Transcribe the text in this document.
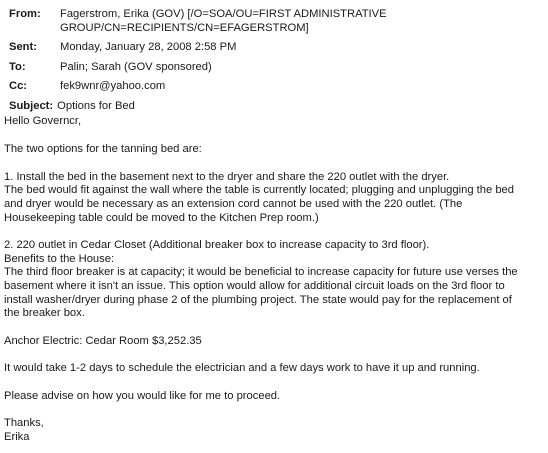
From:	Fagerstrom, Erika (GOV) [/O=SOA/OU=FIRST ADMINISTRATIVE GROUP/CN=RECIPIENTS/CN=EFAGERSTROM]
Sent:	Monday, January 28, 2008 2:58 PM
To:	Palin; Sarah (GOV sponsored)
Cc:	fek9wnr@yahoo.com
Subject: Options for Bed

Hello Governcr,

The two options for the tanning bed are:

1. Install the bed in the basement next to the dryer and share the 220 outlet with the dryer.

The bed would fit against the wall where the table is currently located; plugging and unplugging the bed

and dryer would be necessary as an extension cord cannot be used with the 220 outlet. (The

Housekeeping table could be moved to the Kitchen Prep room.)

2. 220 outlet in Cedar Closet (Additional breaker box to increase capacity to 3rd floor).

Benefits to the House:

The third floor breaker is at capacity; it would be beneficial to increase capacity for future use verses the

basement where it isn't an issue. This option would allow for additional circuit loads on the 3rd floor to

install washer/dryer during phase 2 of the plumbing project. The state would pay for the replacement of

the breaker box.

Anchor Electric: Cedar Room $3,252.35

It would take 1-2 days to schedule the electrician and a few days work to have it up and running.

Please advise on how you would like for me to proceed.

Thanks,

Erika
